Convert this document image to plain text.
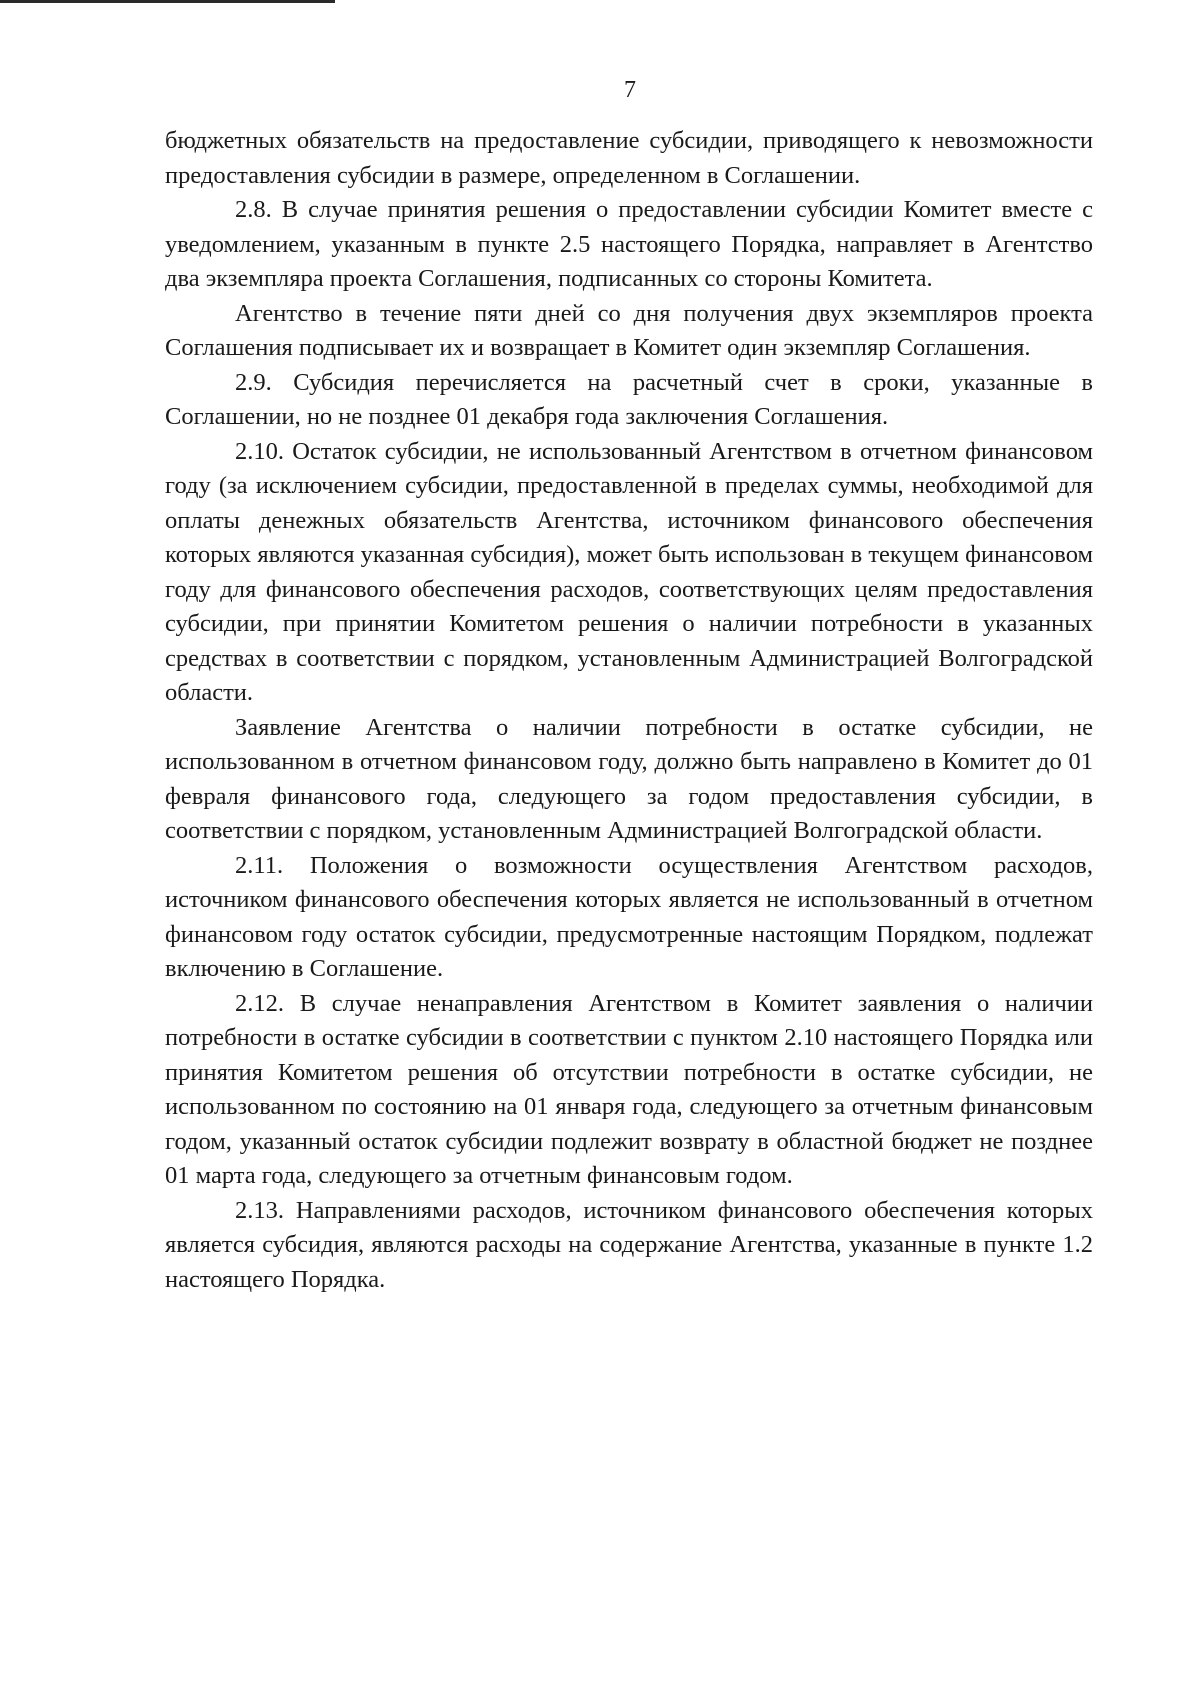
7

бюджетных обязательств на предоставление субсидии, приводящего к невозможности предоставления субсидии в размере, определенном в Соглашении.

2.8. В случае принятия решения о предоставлении субсидии Комитет вместе с уведомлением, указанным в пункте 2.5 настоящего Порядка, направляет в Агентство два экземпляра проекта Соглашения, подписанных со стороны Комитета.

Агентство в течение пяти дней со дня получения двух экземпляров проекта Соглашения подписывает их и возвращает в Комитет один экземпляр Соглашения.

2.9. Субсидия перечисляется на расчетный счет в сроки, указанные в Соглашении, но не позднее 01 декабря года заключения Соглашения.

2.10. Остаток субсидии, не использованный Агентством в отчетном финансовом году (за исключением субсидии, предоставленной в пределах суммы, необходимой для оплаты денежных обязательств Агентства, источником финансового обеспечения которых являются указанная субсидия), может быть использован в текущем финансовом году для финансового обеспечения расходов, соответствующих целям предоставления субсидии, при принятии Комитетом решения о наличии потребности в указанных средствах в соответствии с порядком, установленным Администрацией Волгоградской области.

Заявление Агентства о наличии потребности в остатке субсидии, не использованном в отчетном финансовом году, должно быть направлено в Комитет до 01 февраля финансового года, следующего за годом предоставления субсидии, в соответствии с порядком, установленным Администрацией Волгоградской области.

2.11. Положения о возможности осуществления Агентством расходов, источником финансового обеспечения которых является не использованный в отчетном финансовом году остаток субсидии, предусмотренные настоящим Порядком, подлежат включению в Соглашение.

2.12. В случае ненаправления Агентством в Комитет заявления о наличии потребности в остатке субсидии в соответствии с пунктом 2.10 настоящего Порядка или принятия Комитетом решения об отсутствии потребности в остатке субсидии, не использованном по состоянию на 01 января года, следующего за отчетным финансовым годом, указанный остаток субсидии подлежит возврату в областной бюджет не позднее 01 марта года, следующего за отчетным финансовым годом.

2.13. Направлениями расходов, источником финансового обеспечения которых является субсидия, являются расходы на содержание Агентства, указанные в пункте 1.2 настоящего Порядка.
